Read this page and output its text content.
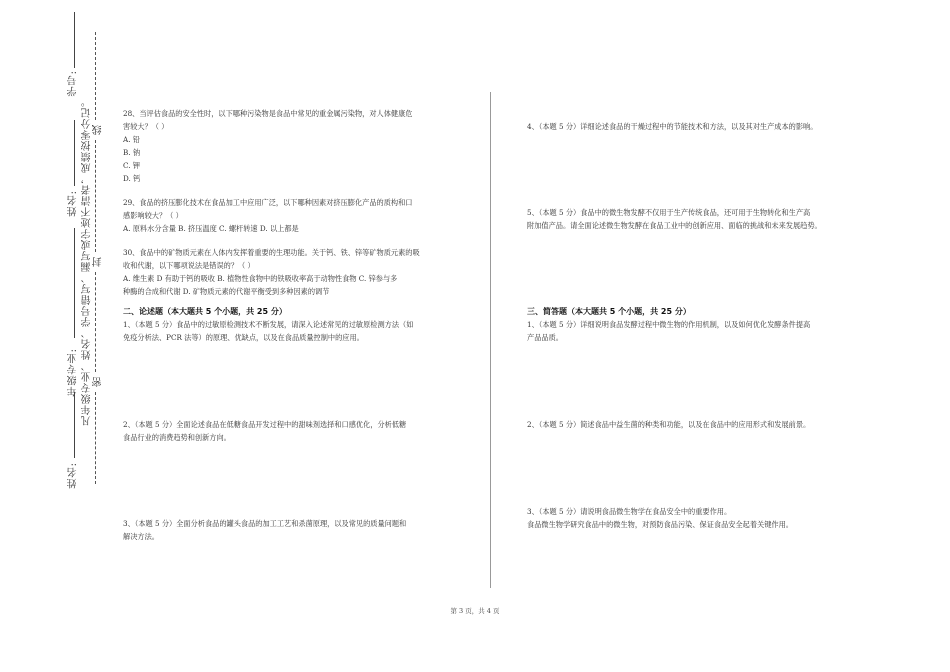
学号:
姓名:
年级专业:
姓名:
凡年级专业、姓名、学号错写、漏写或字迹不清者，成绩按零分记。 线
封
密

28、当评估食品的安全性时，以下哪种污染物是食品中常见的重金属污染物，对人体健康危

害较大？（ ）

A. 铅

B. 钠

C. 钾

D. 钙

29、食品的挤压膨化技术在食品加工中应用广泛，以下哪种因素对挤压膨化产品的质构和口

感影响较大？（ ）

A. 原料水分含量 B. 挤压温度 C. 螺杆转速 D. 以上都是

30、食品中的矿物质元素在人体内发挥着重要的生理功能。关于钙、铁、锌等矿物质元素的吸

收和代谢，以下哪项说法是错误的？（ ）

A. 维生素 D 有助于钙的吸收 B. 植物性食物中的铁吸收率高于动物性食物 C. 锌参与多

种酶的合成和代谢 D. 矿物质元素的代谢平衡受到多种因素的调节

二、论述题（本大题共 5 个小题，共 25 分）

1、（本题 5 分）食品中的过敏原检测技术不断发展，请深入论述常见的过敏原检测方法（如

免疫分析法、PCR 法等）的原理、优缺点，以及在食品质量控制中的应用。

2、（本题 5 分）全面论述食品在低糖食品开发过程中的甜味剂选择和口感优化，分析低糖

食品行业的消费趋势和创新方向。

3、（本题 5 分）全面分析食品的罐头食品的加工工艺和杀菌原理，以及常见的质量问题和

解决方法。

4、（本题 5 分）详细论述食品的干燥过程中的节能技术和方法，以及其对生产成本的影响。

5、（本题 5 分）食品中的微生物发酵不仅用于生产传统食品，还可用于生物转化和生产高

附加值产品。请全面论述微生物发酵在食品工业中的创新应用、面临的挑战和未来发展趋势。

三、简答题（本大题共 5 个小题，共 25 分）

1、（本题 5 分）详细说明食品发酵过程中微生物的作用机制，以及如何优化发酵条件提高

产品品质。

2、（本题 5 分）简述食品中益生菌的种类和功能，以及在食品中的应用形式和发展前景。

3、（本题 5 分）请说明食品微生物学在食品安全中的重要作用。

食品微生物学研究食品中的微生物，对预防食品污染、保证食品安全起着关键作用。

第 3 页，共 4 页
